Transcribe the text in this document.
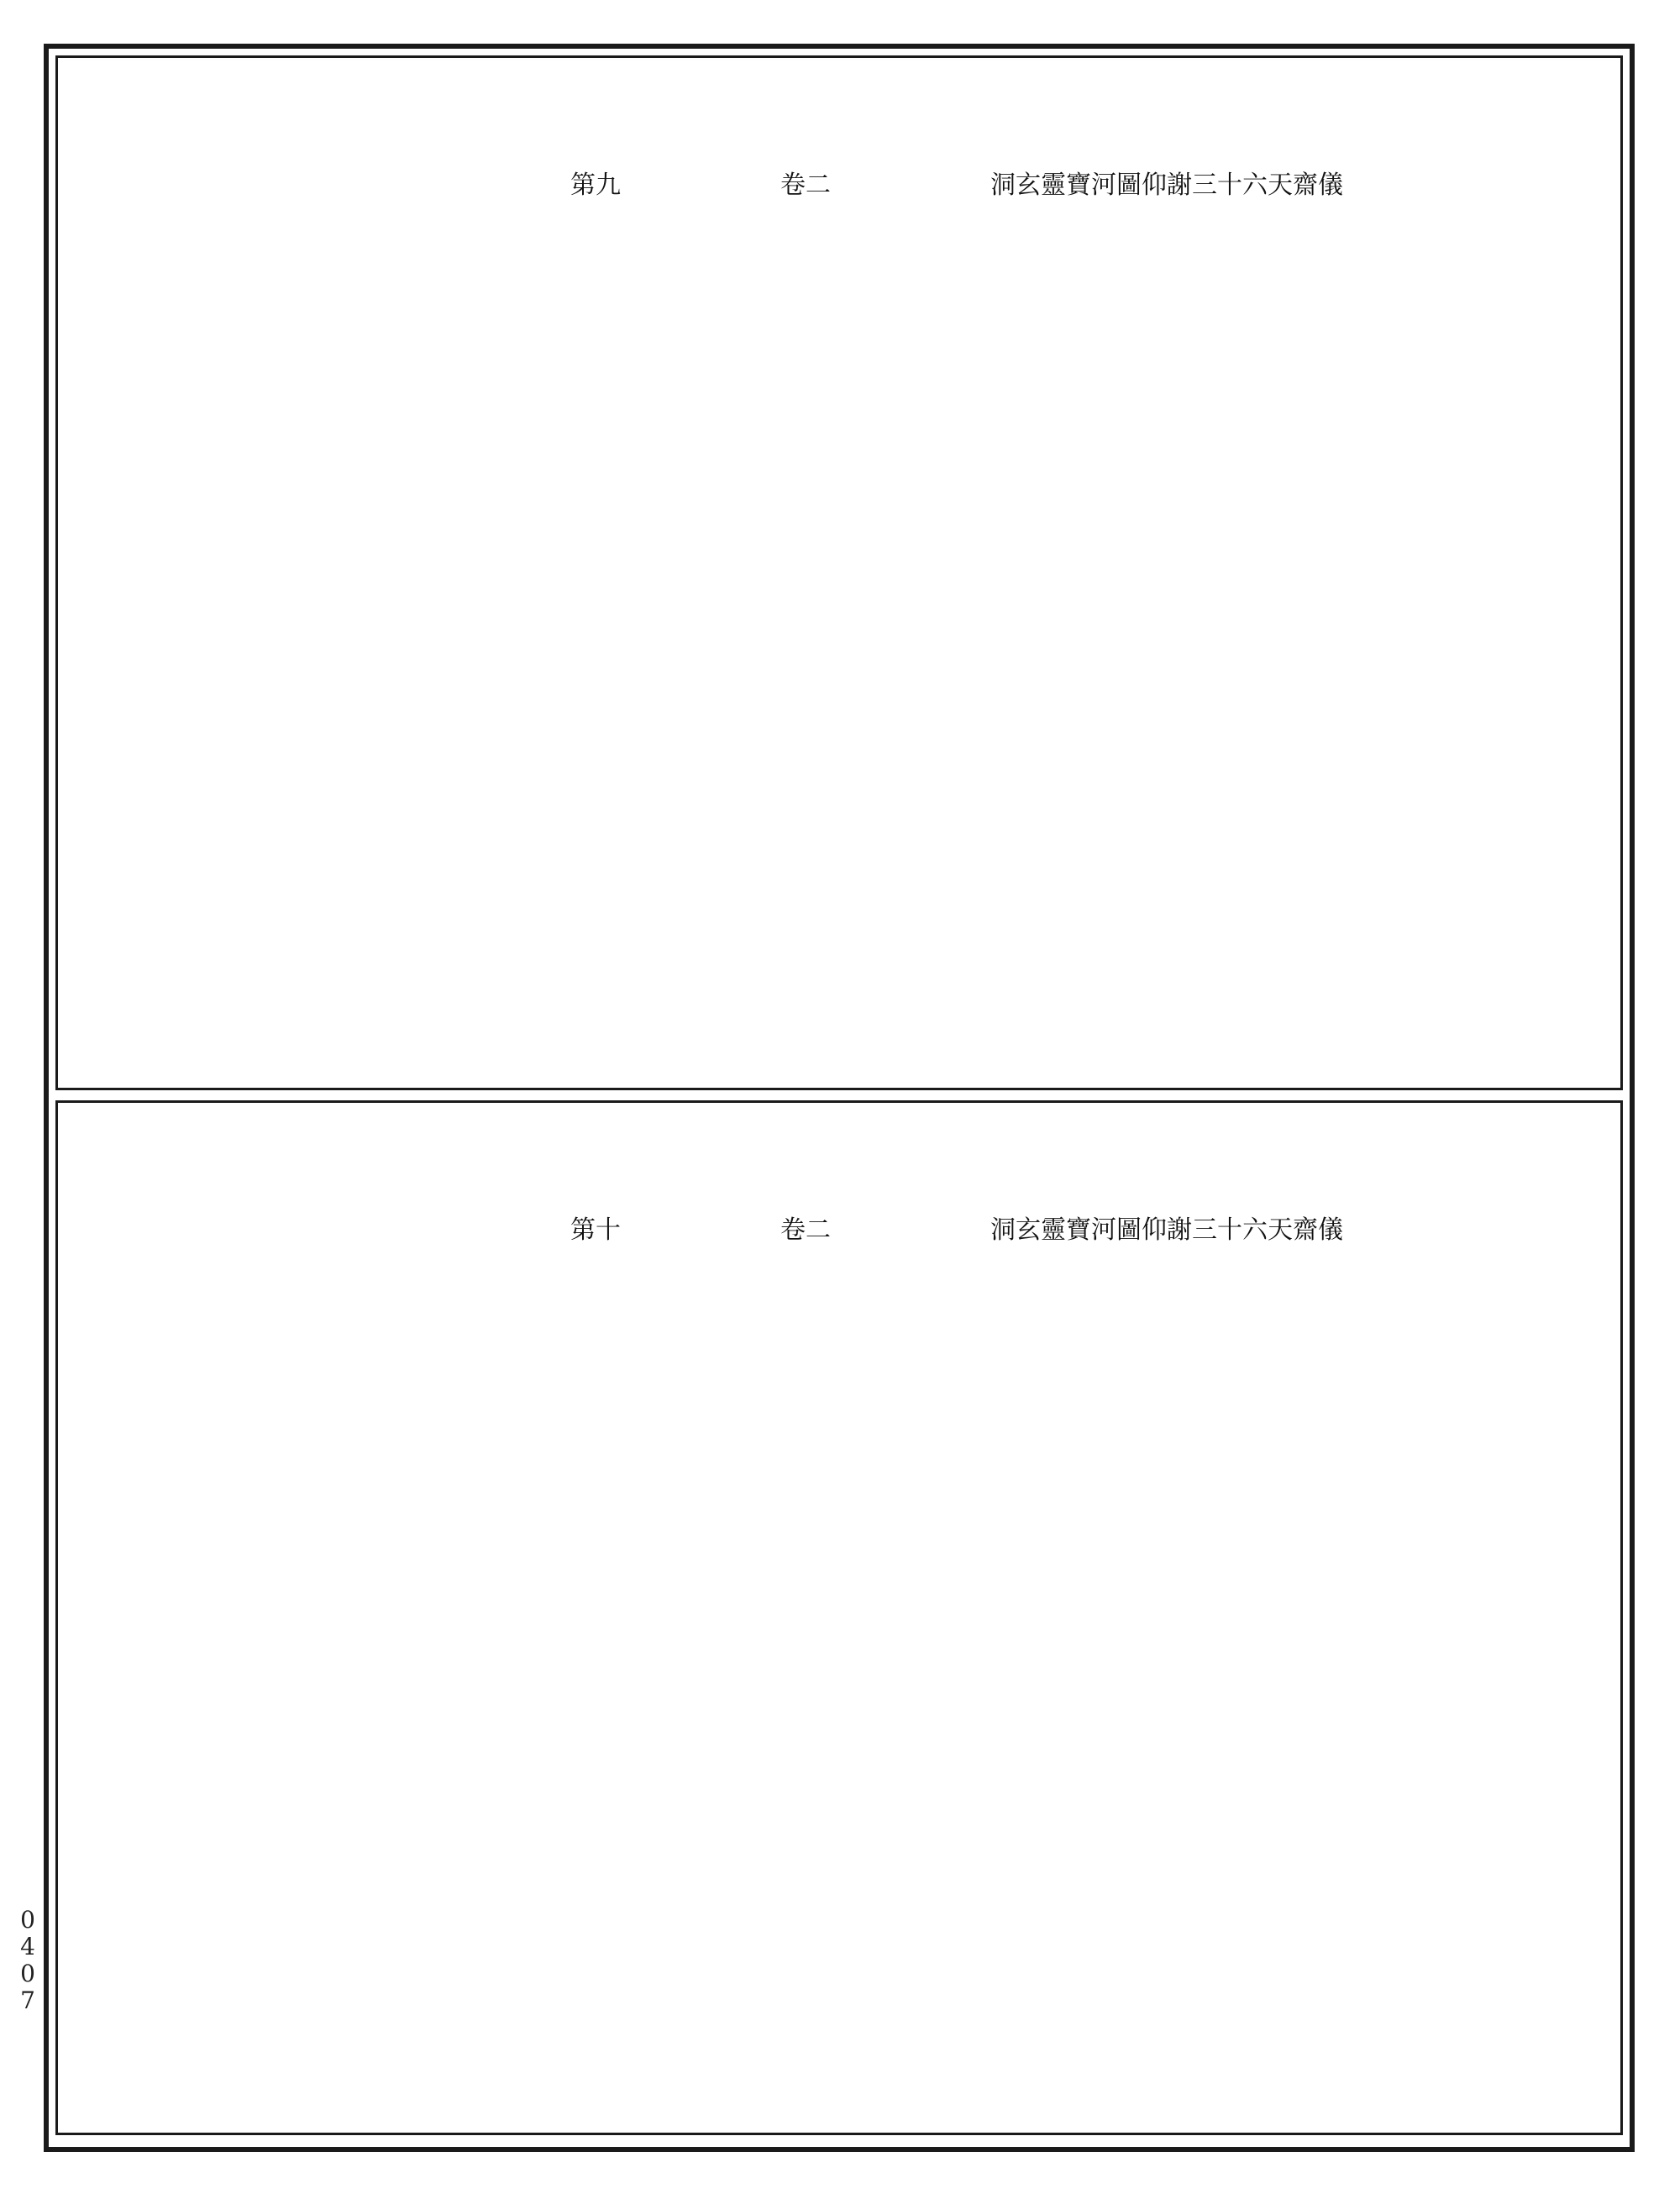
洞玄靈寶河圖仰謝三十六天齋儀
卷二
第九
洞玄靈寶河圖仰謝三十六天齋儀
卷二
第十
0
4
0
7
